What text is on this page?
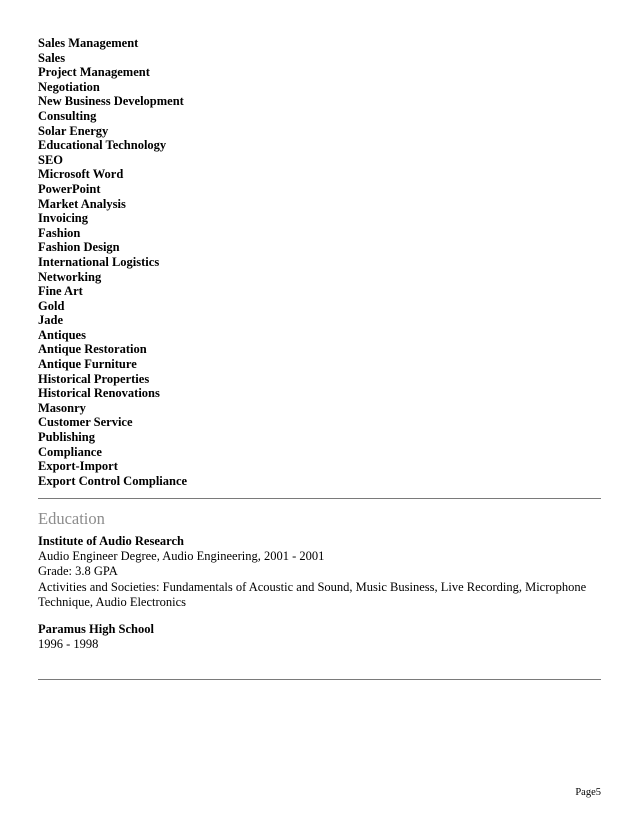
Sales Management
Sales
Project Management
Negotiation
New Business Development
Consulting
Solar Energy
Educational Technology
SEO
Microsoft Word
PowerPoint
Market Analysis
Invoicing
Fashion
Fashion Design
International Logistics
Networking
Fine Art
Gold
Jade
Antiques
Antique Restoration
Antique Furniture
Historical Properties
Historical Renovations
Masonry
Customer Service
Publishing
Compliance
Export-Import
Export Control Compliance
Education
Institute of Audio Research
Audio Engineer Degree, Audio Engineering, 2001 - 2001
Grade: 3.8 GPA
Activities and Societies: Fundamentals of Acoustic and Sound, Music Business, Live Recording, Microphone Technique, Audio Electronics
Paramus High School
1996 - 1998
Page5
